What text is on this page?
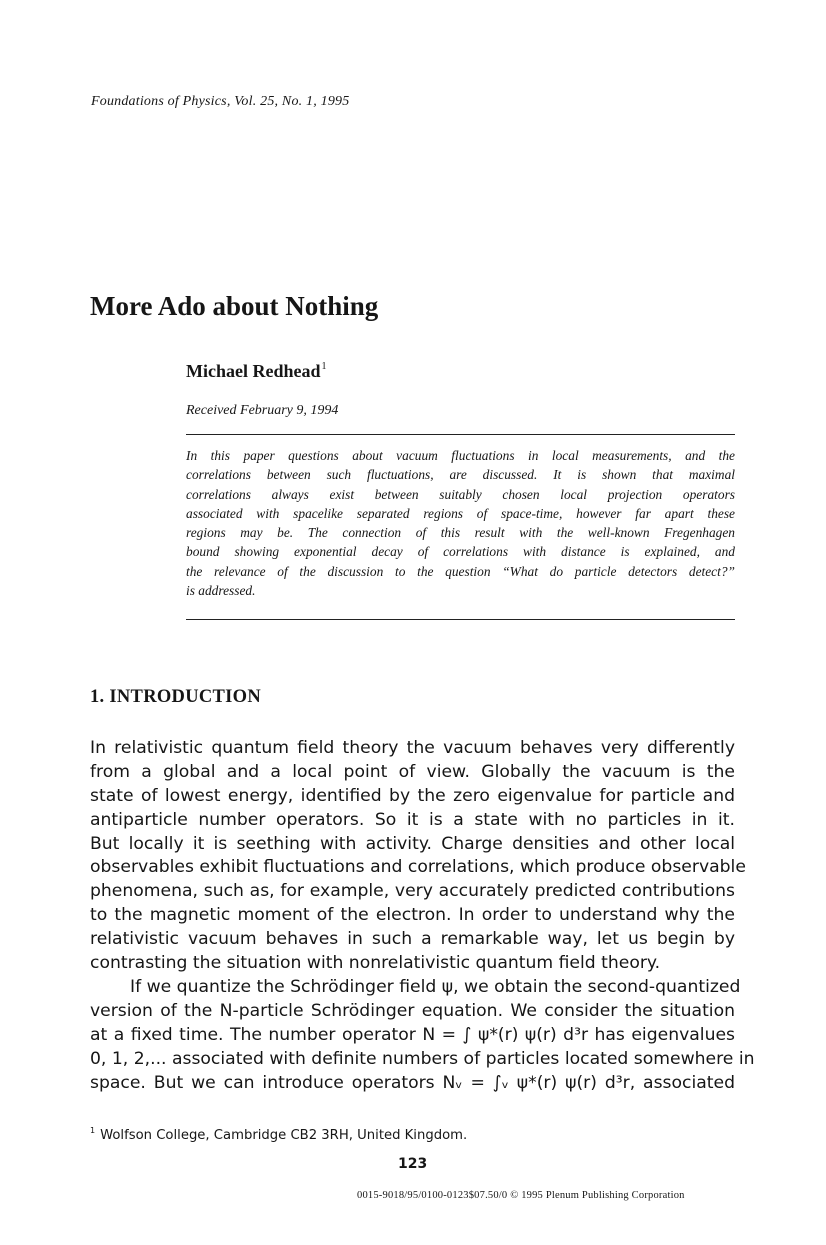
Foundations of Physics, Vol. 25, No. 1, 1995
More Ado about Nothing
Michael Redhead$^1$
Received February 9, 1994
In this paper questions about vacuum fluctuations in local measurements, and the
correlations between such fluctuations, are discussed. It is shown that maximal
correlations always exist between suitably chosen local projection operators
associated with spacelike separated regions of space-time, however far apart these
regions may be. The connection of this result with the well-known Fregenhagen
bound showing exponential decay of correlations with distance is explained, and
the relevance of the discussion to the question “What do particle detectors detect?”
is addressed.
1. INTRODUCTION
In relativistic quantum field theory the vacuum behaves very differently
from a global and a local point of view. Globally the vacuum is the
state of lowest energy, identified by the zero eigenvalue for particle and
antiparticle number operators. So it is a state with no particles in it.
But locally it is seething with activity. Charge densities and other local
observables exhibit fluctuations and correlations, which produce observable
phenomena, such as, for example, very accurately predicted contributions
to the magnetic moment of the electron. In order to understand why the
relativistic vacuum behaves in such a remarkable way, let us begin by
contrasting the situation with nonrelativistic quantum field theory.
If we quantize the Schrödinger field ψ, we obtain the second-quantized
version of the N-particle Schrödinger equation. We consider the situation
at a fixed time. The number operator N = ∫ ψ*(r) ψ(r) d³r has eigenvalues
0, 1, 2,... associated with definite numbers of particles located somewhere in
space. But we can introduce operators Nᵥ = ∫ᵥ ψ*(r) ψ(r) d³r, associated
$^1$ Wolfson College, Cambridge CB2 3RH, United Kingdom.
123
0015-9018/95/0100-0123$07.50/0 © 1995 Plenum Publishing Corporation
